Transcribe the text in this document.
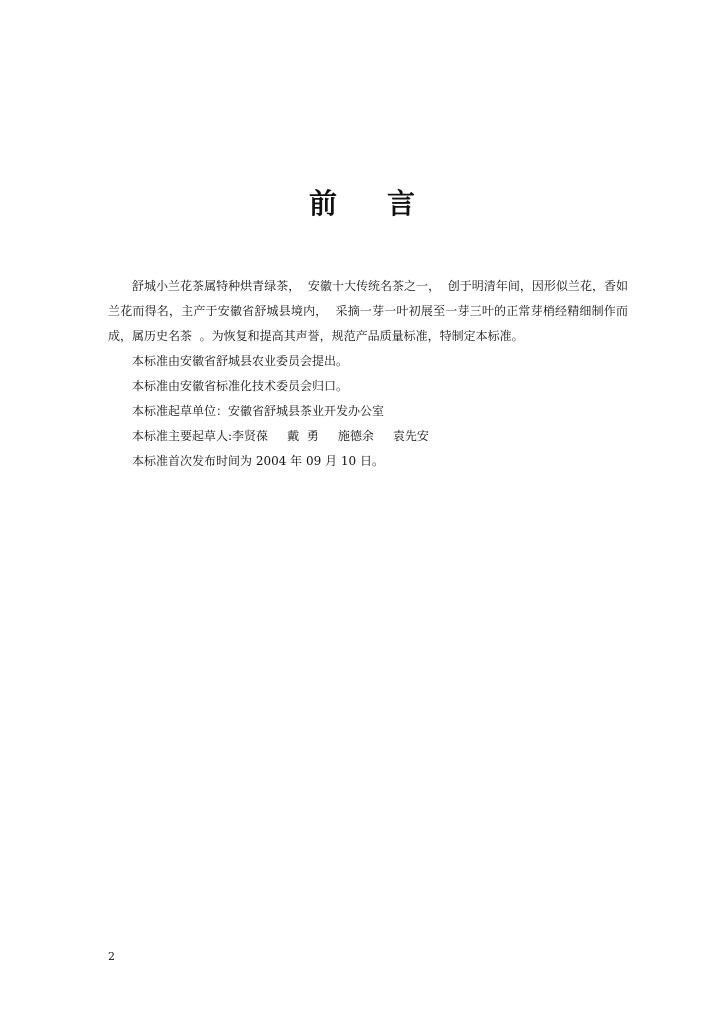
前言

舒城小兰花茶属特种烘青绿茶，  安徽十大传统名茶之一，  创于明清年间，因形似兰花，香如兰花而得名，主产于安徽省舒城县境内，  采摘一芽一叶初展至一芽三叶的正常芽梢经精细制作而成，属历史名茶  。为恢复和提高其声誉，规范产品质量标准，特制定本标准。

本标准由安徽省舒城县农业委员会提出。

本标准由安徽省标准化技术委员会归口。

本标准起草单位：安徽省舒城县茶业开发办公室

本标准主要起草人:李贤葆     戴  勇     施德余     袁先安

本标准首次发布时间为 2004 年 09 月 10 日。

2
